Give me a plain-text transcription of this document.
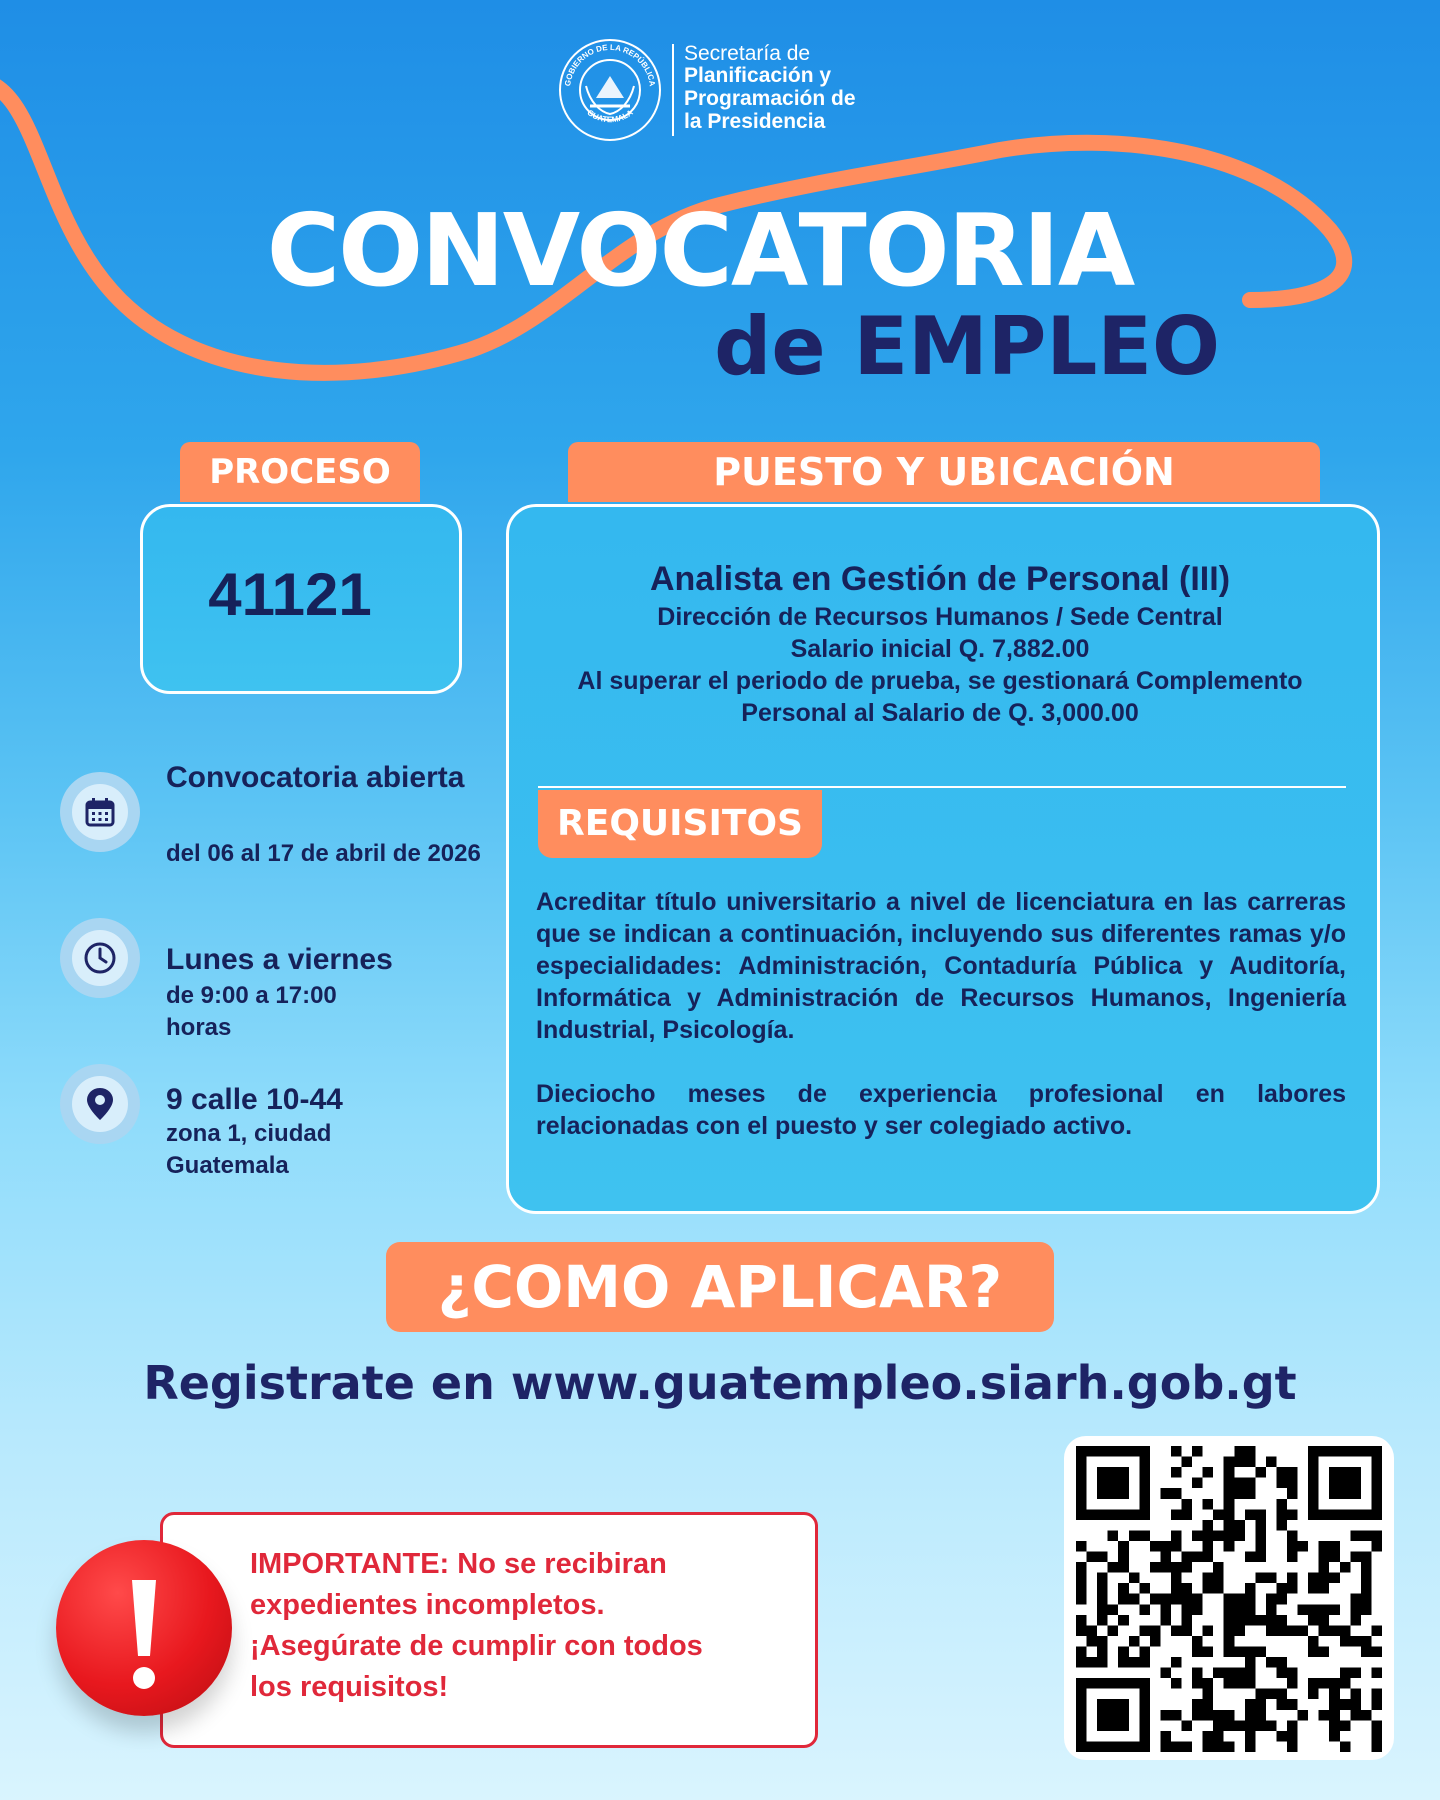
GOBIERNO DE LA REPÚBLICA
GUATEMALA
Secretaría de
Planificación y
Programación de
la Presidencia
CONVOCATORIA
de EMPLEO
PROCESO
41121
PUESTO Y UBICACIÓN
Analista en Gestión de Personal (III)
Dirección de Recursos Humanos / Sede Central
Salario inicial Q. 7,882.00
Al superar el periodo de prueba, se gestionará Complemento
Personal al Salario de Q. 3,000.00
REQUISITOS
Acreditar título universitario a nivel de licenciatura en las carreras que se indican a continuación, incluyendo sus diferentes ramas y/o especialidades: Administración, Contaduría Pública y Auditoría, Informática y Administración de Recursos Humanos, Ingeniería Industrial, Psicología.
Dieciocho meses de experiencia profesional en labores relacionadas con el puesto y ser colegiado activo.
Convocatoria abierta
del 06 al 17 de abril de 2026
Lunes a viernes
de 9:00 a 17:00 horas
9 calle 10-44
zona 1, ciudad Guatemala
¿COMO APLICAR?
Registrate en www.guatempleo.siarh.gob.gt
IMPORTANTE: No se recibiran
expedientes incompletos.
¡Asegúrate de cumplir con todos
los requisitos!
